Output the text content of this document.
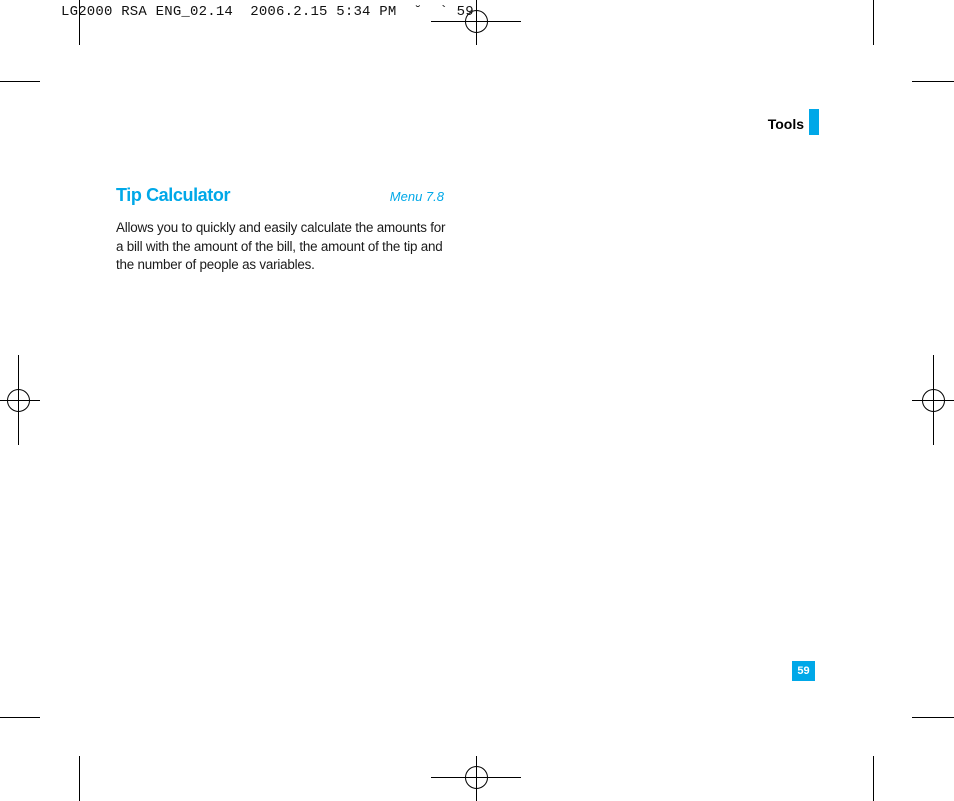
LG2000 RSA ENG_02.14  2006.2.15 5:34 PM  ˘  ` 59
Tools
Tip Calculator	Menu 7.8
Allows you to quickly and easily calculate the amounts for a bill with the amount of the bill, the amount of the tip and the number of people as variables.
59
